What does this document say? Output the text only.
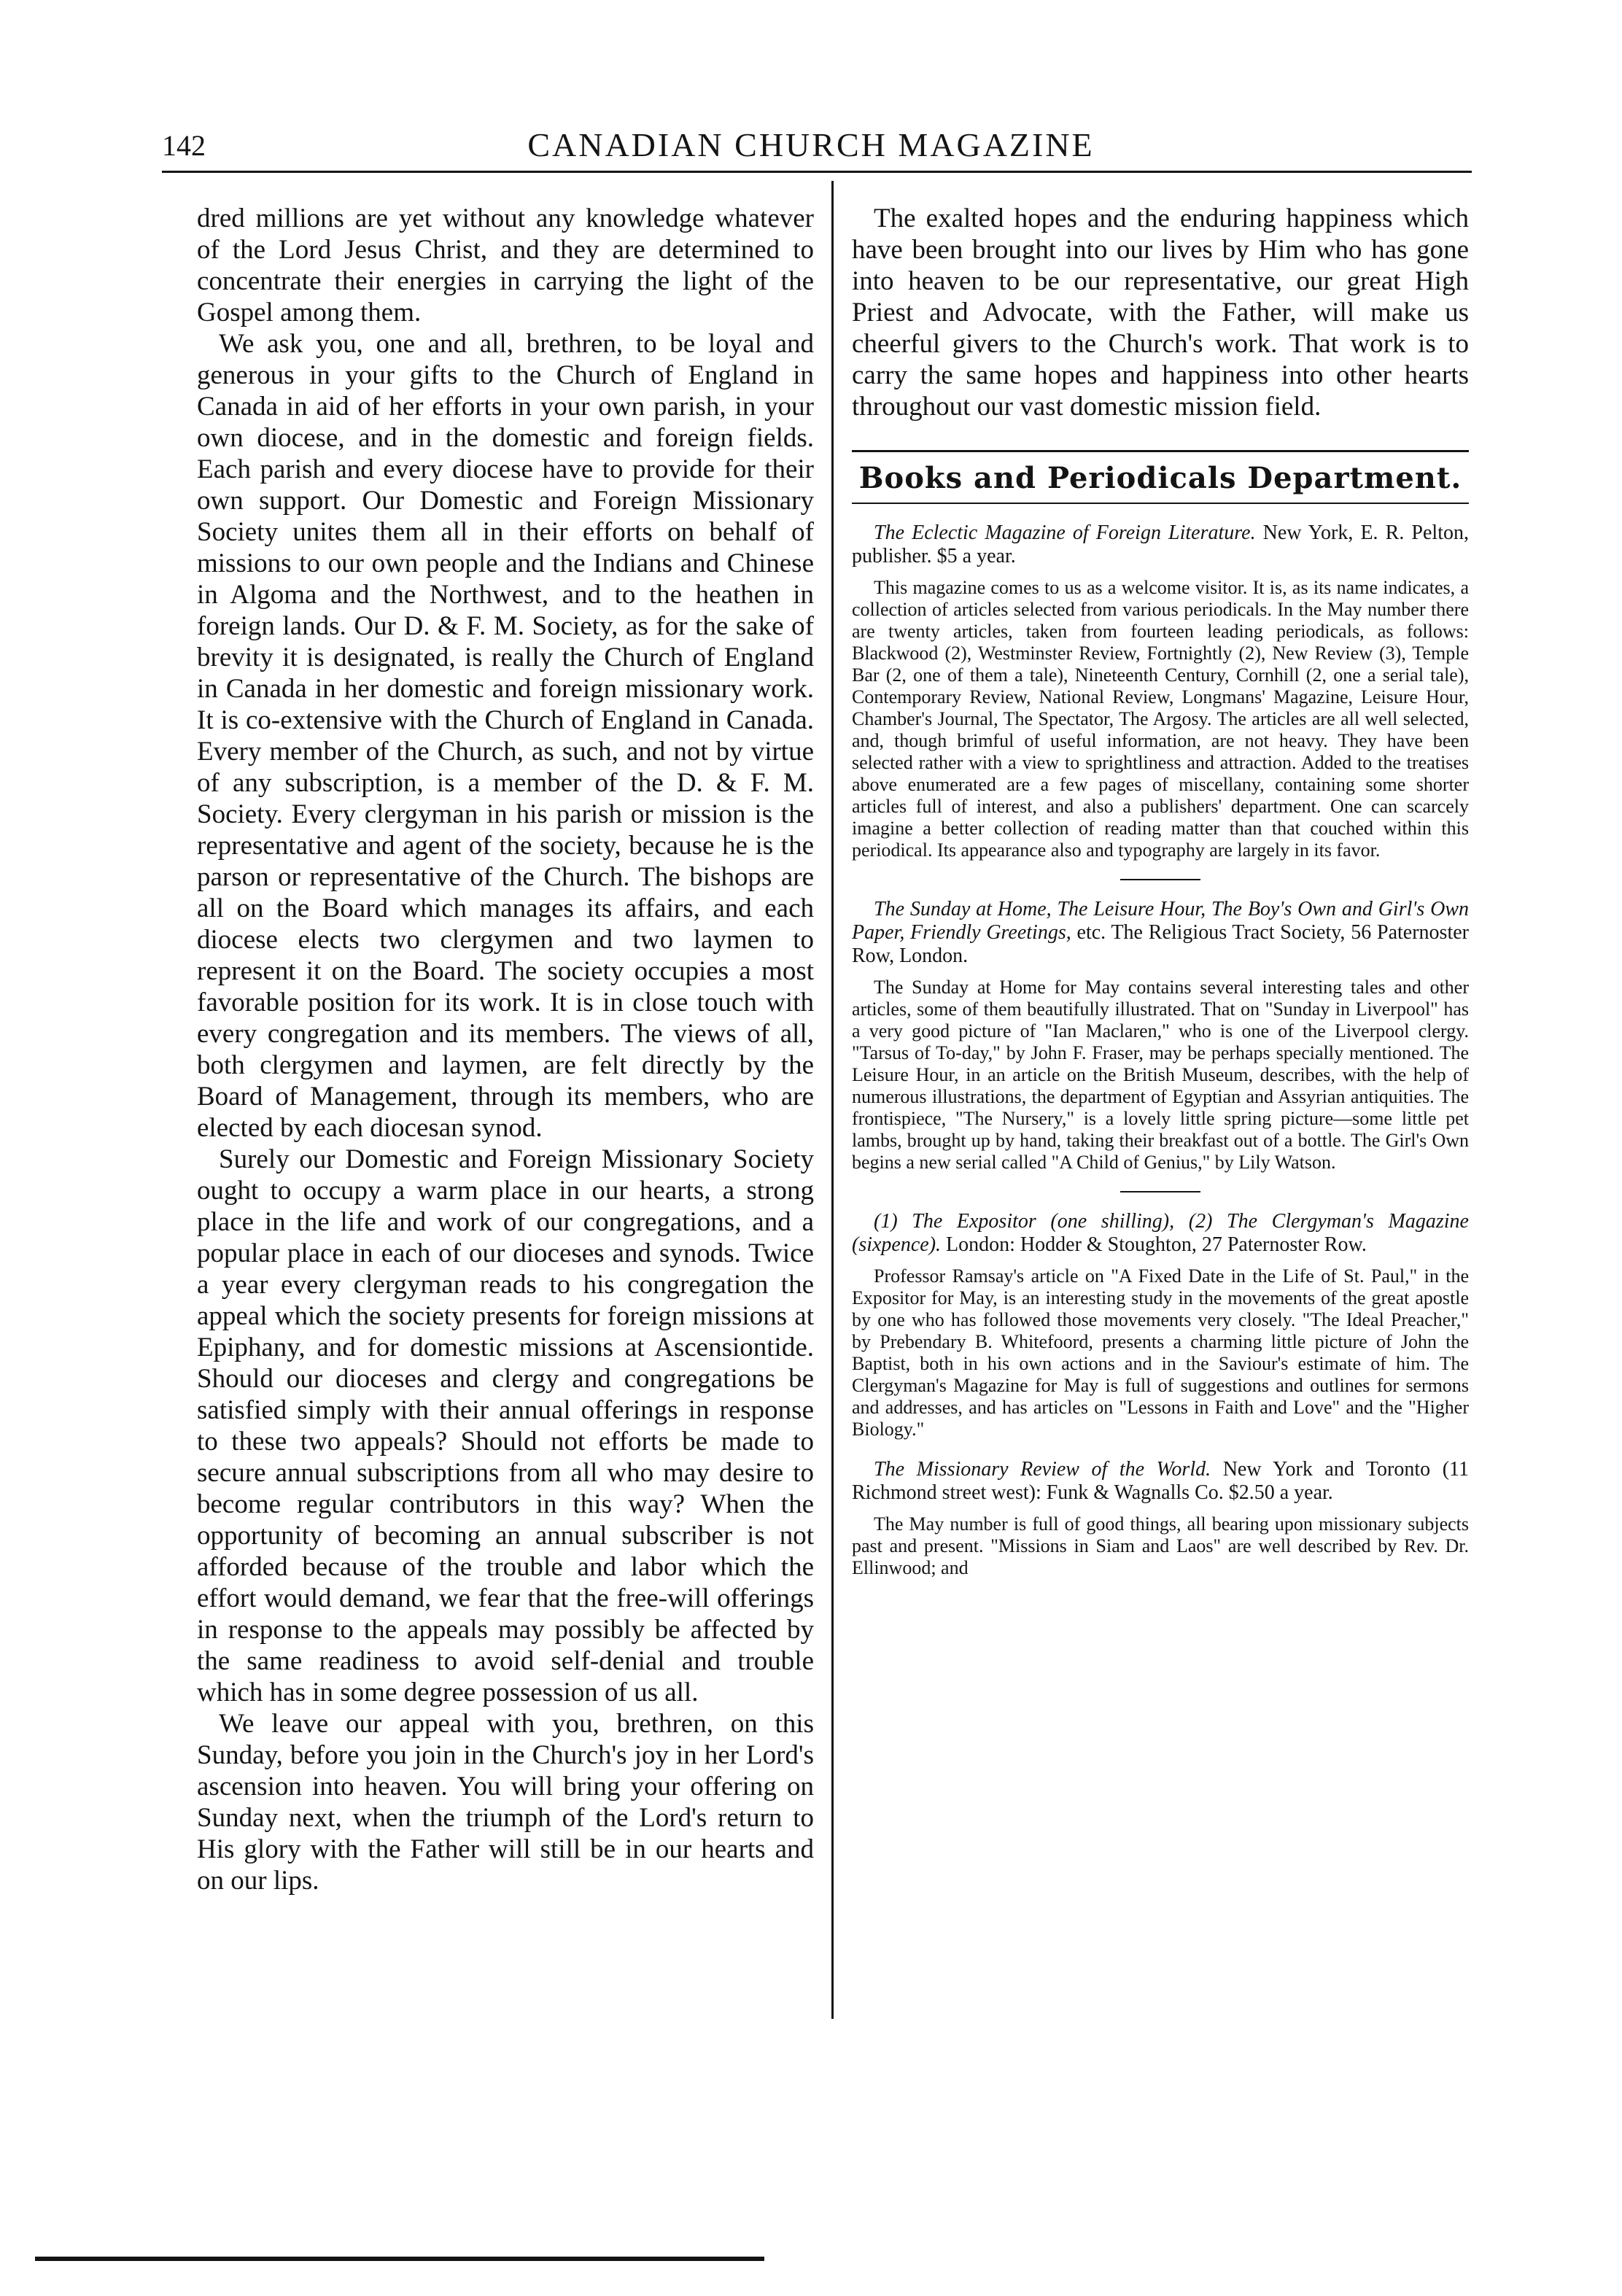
142	CANADIAN CHURCH MAGAZINE

dred millions are yet without any knowledge whatever of the Lord Jesus Christ, and they are determined to concentrate their energies in carrying the light of the Gospel among them.

We ask you, one and all, brethren, to be loyal and generous in your gifts to the Church of England in Canada in aid of her efforts in your own parish, in your own diocese, and in the domestic and foreign fields. Each parish and every diocese have to provide for their own support. Our Domestic and Foreign Missionary Society unites them all in their efforts on behalf of missions to our own people and the Indians and Chinese in Algoma and the Northwest, and to the heathen in foreign lands. Our D. & F. M. Society, as for the sake of brevity it is designated, is really the Church of England in Canada in her domestic and foreign missionary work. It is co-extensive with the Church of England in Canada. Every member of the Church, as such, and not by virtue of any subscription, is a member of the D. & F. M. Society. Every clergyman in his parish or mission is the representative and agent of the society, because he is the parson or representative of the Church. The bishops are all on the Board which manages its affairs, and each diocese elects two clergymen and two laymen to represent it on the Board. The society occupies a most favorable position for its work. It is in close touch with every congregation and its members. The views of all, both clergymen and laymen, are felt directly by the Board of Management, through its members, who are elected by each diocesan synod.

Surely our Domestic and Foreign Missionary Society ought to occupy a warm place in our hearts, a strong place in the life and work of our congregations, and a popular place in each of our dioceses and synods. Twice a year every clergyman reads to his congregation the appeal which the society presents for foreign missions at Epiphany, and for domestic missions at Ascensiontide. Should our dioceses and clergy and congregations be satisfied simply with their annual offerings in response to these two appeals? Should not efforts be made to secure annual subscriptions from all who may desire to become regular contributors in this way? When the opportunity of becoming an annual subscriber is not afforded because of the trouble and labor which the effort would demand, we fear that the free-will offerings in response to the appeals may possibly be affected by the same readiness to avoid self-denial and trouble which has in some degree possession of us all.

We leave our appeal with you, brethren, on this Sunday, before you join in the Church's joy in her Lord's ascension into heaven. You will bring your offering on Sunday next, when the triumph of the Lord's return to His glory with the Father will still be in our hearts and on our lips.

The exalted hopes and the enduring happiness which have been brought into our lives by Him who has gone into heaven to be our representative, our great High Priest and Advocate, with the Father, will make us cheerful givers to the Church's work. That work is to carry the same hopes and happiness into other hearts throughout our vast domestic mission field.

Books and Periodicals Department.

The Eclectic Magazine of Foreign Literature. New York, E. R. Pelton, publisher. $5 a year.

This magazine comes to us as a welcome visitor. It is, as its name indicates, a collection of articles selected from various periodicals. In the May number there are twenty articles, taken from fourteen leading periodicals, as follows: Blackwood (2), Westminster Review, Fortnightly (2), New Review (3), Temple Bar (2, one of them a tale), Nineteenth Century, Cornhill (2, one a serial tale), Contemporary Review, National Review, Longmans' Magazine, Leisure Hour, Chamber's Journal, The Spectator, The Argosy. The articles are all well selected, and, though brimful of useful information, are not heavy. They have been selected rather with a view to sprightliness and attraction. Added to the treatises above enumerated are a few pages of miscellany, containing some shorter articles full of interest, and also a publishers' department. One can scarcely imagine a better collection of reading matter than that couched within this periodical. Its appearance also and typography are largely in its favor.

The Sunday at Home, The Leisure Hour, The Boy's Own and Girl's Own Paper, Friendly Greetings, etc. The Religious Tract Society, 56 Paternoster Row, London.

The Sunday at Home for May contains several interesting tales and other articles, some of them beautifully illustrated. That on "Sunday in Liverpool" has a very good picture of "Ian Maclaren," who is one of the Liverpool clergy. "Tarsus of To-day," by John F. Fraser, may be perhaps specially mentioned. The Leisure Hour, in an article on the British Museum, describes, with the help of numerous illustrations, the department of Egyptian and Assyrian antiquities. The frontispiece, "The Nursery," is a lovely little spring picture—some little pet lambs, brought up by hand, taking their breakfast out of a bottle. The Girl's Own begins a new serial called "A Child of Genius," by Lily Watson.

(1) The Expositor (one shilling), (2) The Clergyman's Magazine (sixpence). London: Hodder & Stoughton, 27 Paternoster Row.

Professor Ramsay's article on "A Fixed Date in the Life of St. Paul," in the Expositor for May, is an interesting study in the movements of the great apostle by one who has followed those movements very closely. "The Ideal Preacher," by Prebendary B. Whitefoord, presents a charming little picture of John the Baptist, both in his own actions and in the Saviour's estimate of him. The Clergyman's Magazine for May is full of suggestions and outlines for sermons and addresses, and has articles on "Lessons in Faith and Love" and the "Higher Biology."

The Missionary Review of the World. New York and Toronto (11 Richmond street west): Funk & Wagnalls Co. $2.50 a year.

The May number is full of good things, all bearing upon missionary subjects past and present. "Missions in Siam and Laos" are well described by Rev. Dr. Ellinwood; and
